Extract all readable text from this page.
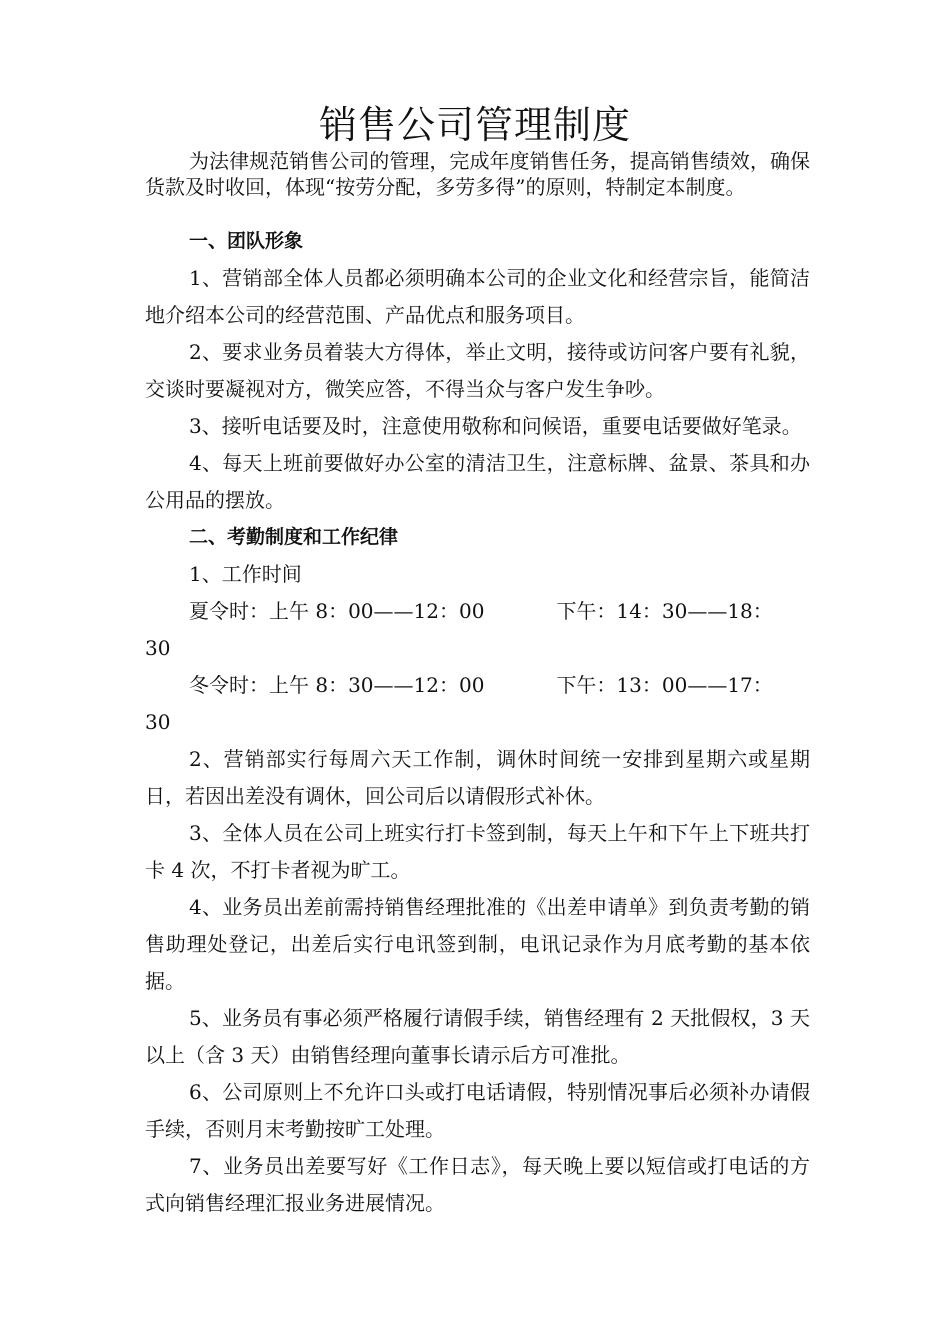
销售公司管理制度

为法律规范销售公司的管理，完成年度销售任务，提高销售绩效，确保货款及时收回，体现“按劳分配，多劳多得”的原则，特制定本制度。

一、团队形象

1、营销部全体人员都必须明确本公司的企业文化和经营宗旨，能简洁地介绍本公司的经营范围、产品优点和服务项目。

2、要求业务员着装大方得体，举止文明，接待或访问客户要有礼貌，交谈时要凝视对方，微笑应答，不得当众与客户发生争吵。

3、接听电话要及时，注意使用敬称和问候语，重要电话要做好笔录。

4、每天上班前要做好办公室的清洁卫生，注意标牌、盆景、茶具和办公用品的摆放。

二、考勤制度和工作纪律

1、工作时间

夏令时：上午 8：00——12：00	下午：14：30——18：

30

冬令时：上午 8：30——12：00	下午：13：00——17：

30

2、营销部实行每周六天工作制，调休时间统一安排到星期六或星期日，若因出差没有调休，回公司后以请假形式补休。

3、全体人员在公司上班实行打卡签到制，每天上午和下午上下班共打卡 4 次，不打卡者视为旷工。

4、业务员出差前需持销售经理批准的《出差申请单》到负责考勤的销售助理处登记，出差后实行电讯签到制，电讯记录作为月底考勤的基本依据。

5、业务员有事必须严格履行请假手续，销售经理有 2 天批假权，3 天以上（含 3 天）由销售经理向董事长请示后方可准批。

6、公司原则上不允许口头或打电话请假，特别情况事后必须补办请假手续，否则月末考勤按旷工处理。

7、业务员出差要写好《工作日志》，每天晚上要以短信或打电话的方式向销售经理汇报业务进展情况。
